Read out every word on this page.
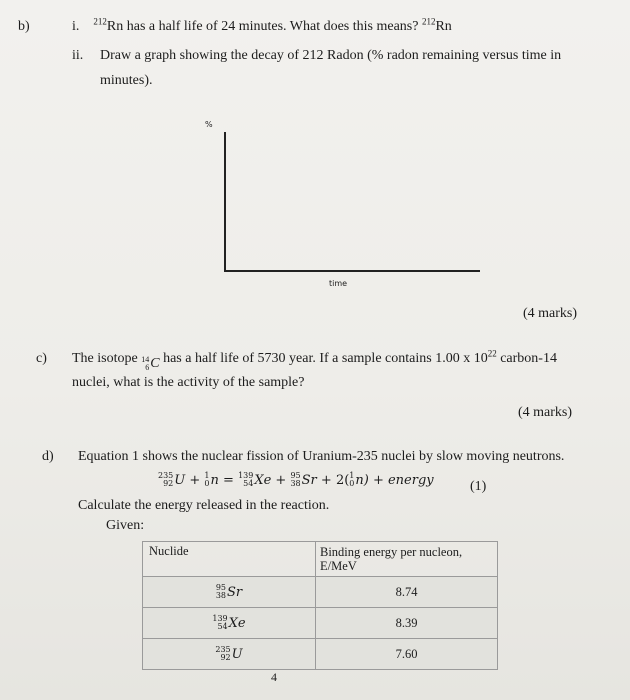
b)	i. $^{212}$Rn has a half life of 24 minutes. What does this means? $^{212}$Rn
ii. Draw a graph showing the decay of 212 Radon (% radon remaining versus time in
minutes).
%
time
(4 marks)
c) The isotope 14
6 C has a half life of 5730 year. If a sample contains 1.00 x $10^{22}$ carbon-14
nuclei, what is the activity of the sample?
(4 marks)
d) Equation 1 shows the nuclear fission of Uranium-235 nuclei by slow moving neutrons.
235
92 U + 1
0 n = 139
54 Xe + 95
38 Sr + 2( 1
0 n ) + energy	(1)
Calculate the energy released in the reaction.
Given:
Nuclide	Binding energy per nucleon,
E/MeV

95
38 Sr	8.74

139
54 Xe	8.39

235
92 U	7.60
4
